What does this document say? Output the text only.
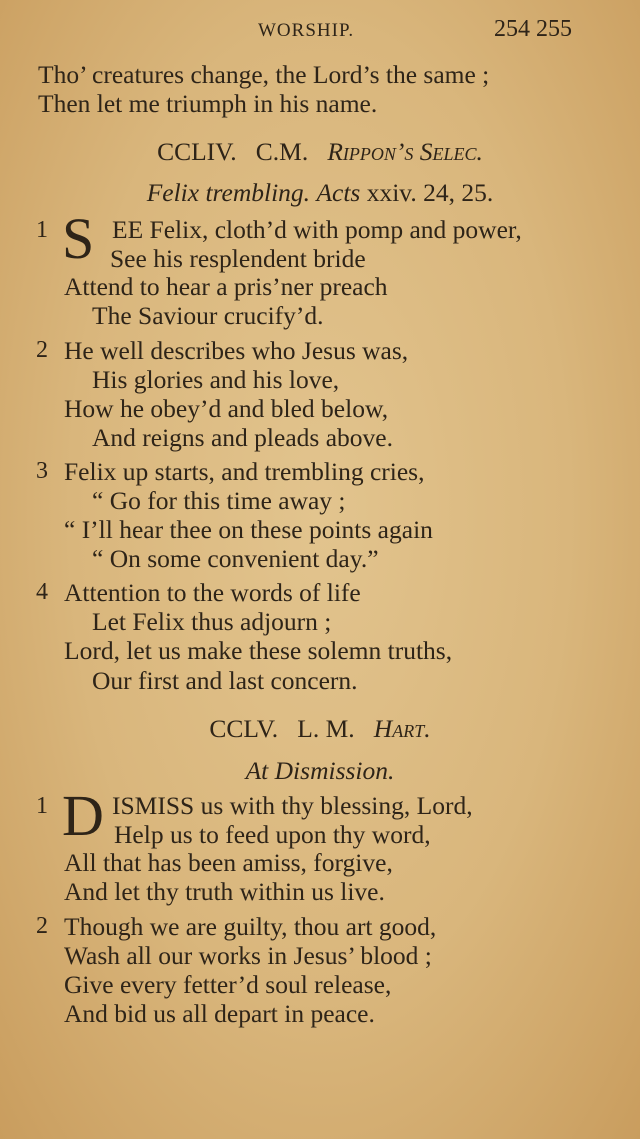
WORSHIP.	254 255
Tho’ creatures change, the Lord’s the same ;
Then let me triumph in his name.
CCLIV. C.M. Rippon’s Selec.
Felix trembling. Acts xxiv. 24, 25.
1 S EE Felix, cloth’d with pomp and power,
See his resplendent bride
Attend to hear a pris’ner preach
The Saviour crucify’d.
2 He well describes who Jesus was,
His glories and his love,
How he obey’d and bled below,
And reigns and pleads above.
3 Felix up starts, and trembling cries,
“ Go for this time away ;
“ I’ll hear thee on these points again
“ On some convenient day.”
4 Attention to the words of life
Let Felix thus adjourn ;
Lord, let us make these solemn truths,
Our first and last concern.
CCLV. L. M. Hart.
At Dismission.
1 D ISMISS us with thy blessing, Lord,
Help us to feed upon thy word,
All that has been amiss, forgive,
And let thy truth within us live.
2 Though we are guilty, thou art good,
Wash all our works in Jesus’ blood ;
Give every fetter’d soul release,
And bid us all depart in peace.
